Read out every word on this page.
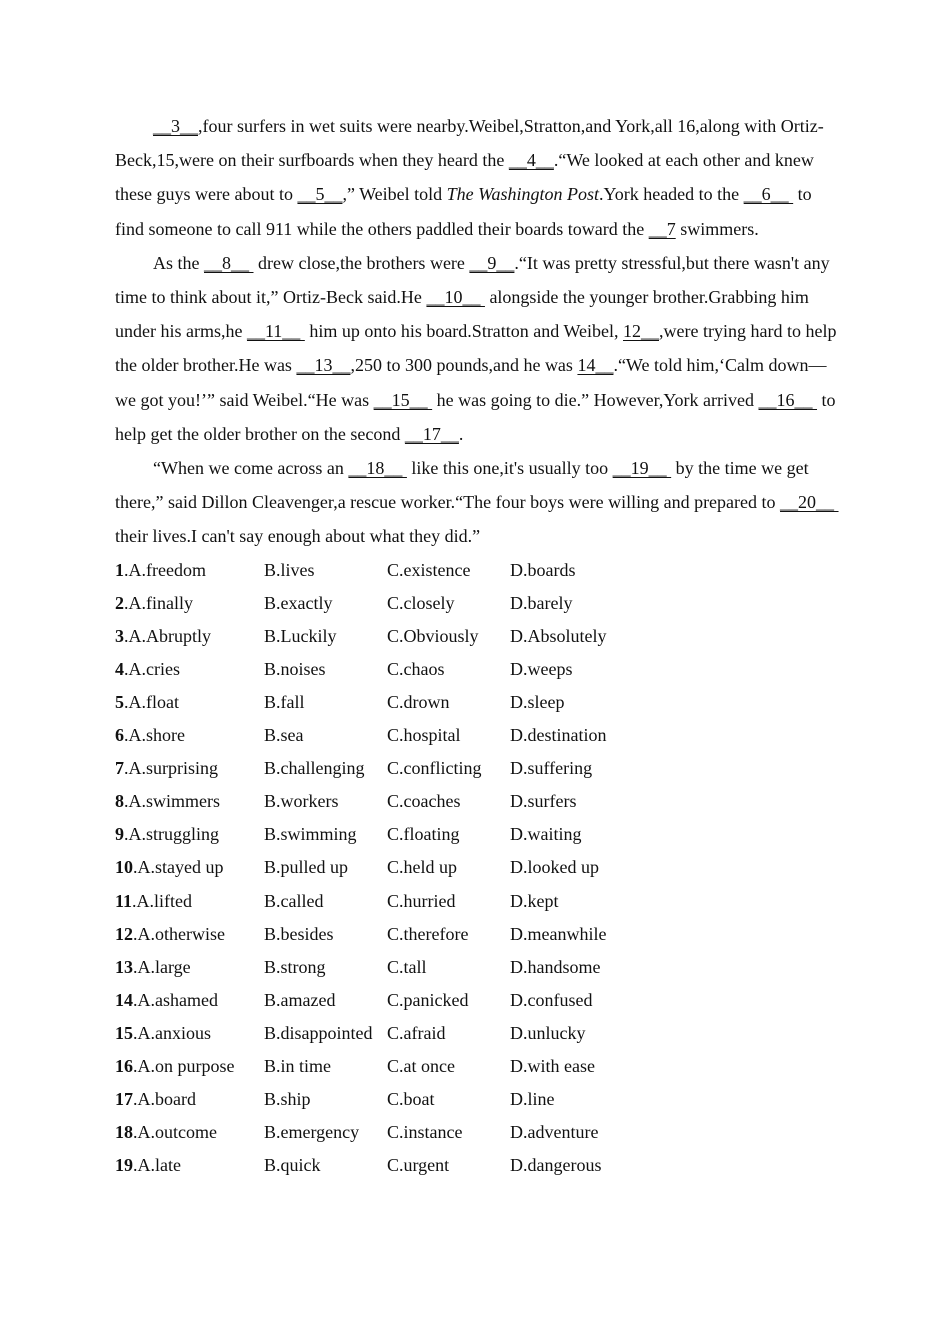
__3__,four surfers in wet suits were nearby.Weibel,Stratton,and York,all 16,along with Ortiz-Beck,15,were on their surfboards when they heard the __4__.“We looked at each other and knew these guys were about to __5__,” Weibel told The Washington Post.York headed to the __6__  to find someone to call 911 while the others paddled their boards toward the __7 swimmers.

As the __8__  drew close,the brothers were __9__.“It was pretty stressful,but there wasn't any time to think about it,” Ortiz-Beck said.He __10__  alongside the younger brother.Grabbing him under his arms,he __11__  him up onto his board.Stratton and Weibel, 12__,were trying hard to help the older brother.He was __13__,250 to 300 pounds,and he was 14__.“We told him,‘Calm down—we got you!’” said Weibel.“He was __15__  he was going to die.” However,York arrived __16__  to help get the older brother on the second __17__.

“When we come across an __18__  like this one,it's usually too __19__  by the time we get there,” said Dillon Cleavenger,a rescue worker.“The four boys were willing and prepared to __20__  their lives.I can't say enough about what they did.”

1.A.freedom	B.lives	C.existence	D.boards
2.A.finally	B.exactly	C.closely	D.barely
3.A.Abruptly	B.Luckily	C.Obviously	D.Absolutely
4.A.cries	B.noises	C.chaos	D.weeps
5.A.float	B.fall	C.drown	D.sleep
6.A.shore	B.sea	C.hospital	D.destination
7.A.surprising	B.challenging	C.conflicting	D.suffering
8.A.swimmers	B.workers	C.coaches	D.surfers
9.A.struggling	B.swimming	C.floating	D.waiting
10.A.stayed up	B.pulled up	C.held up	D.looked up
11.A.lifted	B.called	C.hurried	D.kept
12.A.otherwise	B.besides	C.therefore	D.meanwhile
13.A.large	B.strong	C.tall	D.handsome
14.A.ashamed	B.amazed	C.panicked	D.confused
15.A.anxious	B.disappointed C.afraid	D.unlucky
16.A.on purpose	B.in time	C.at once	D.with ease
17.A.board	B.ship	C.boat	D.line
18.A.outcome	B.emergency	C.instance	D.adventure
19.A.late	B.quick	C.urgent	D.dangerous
